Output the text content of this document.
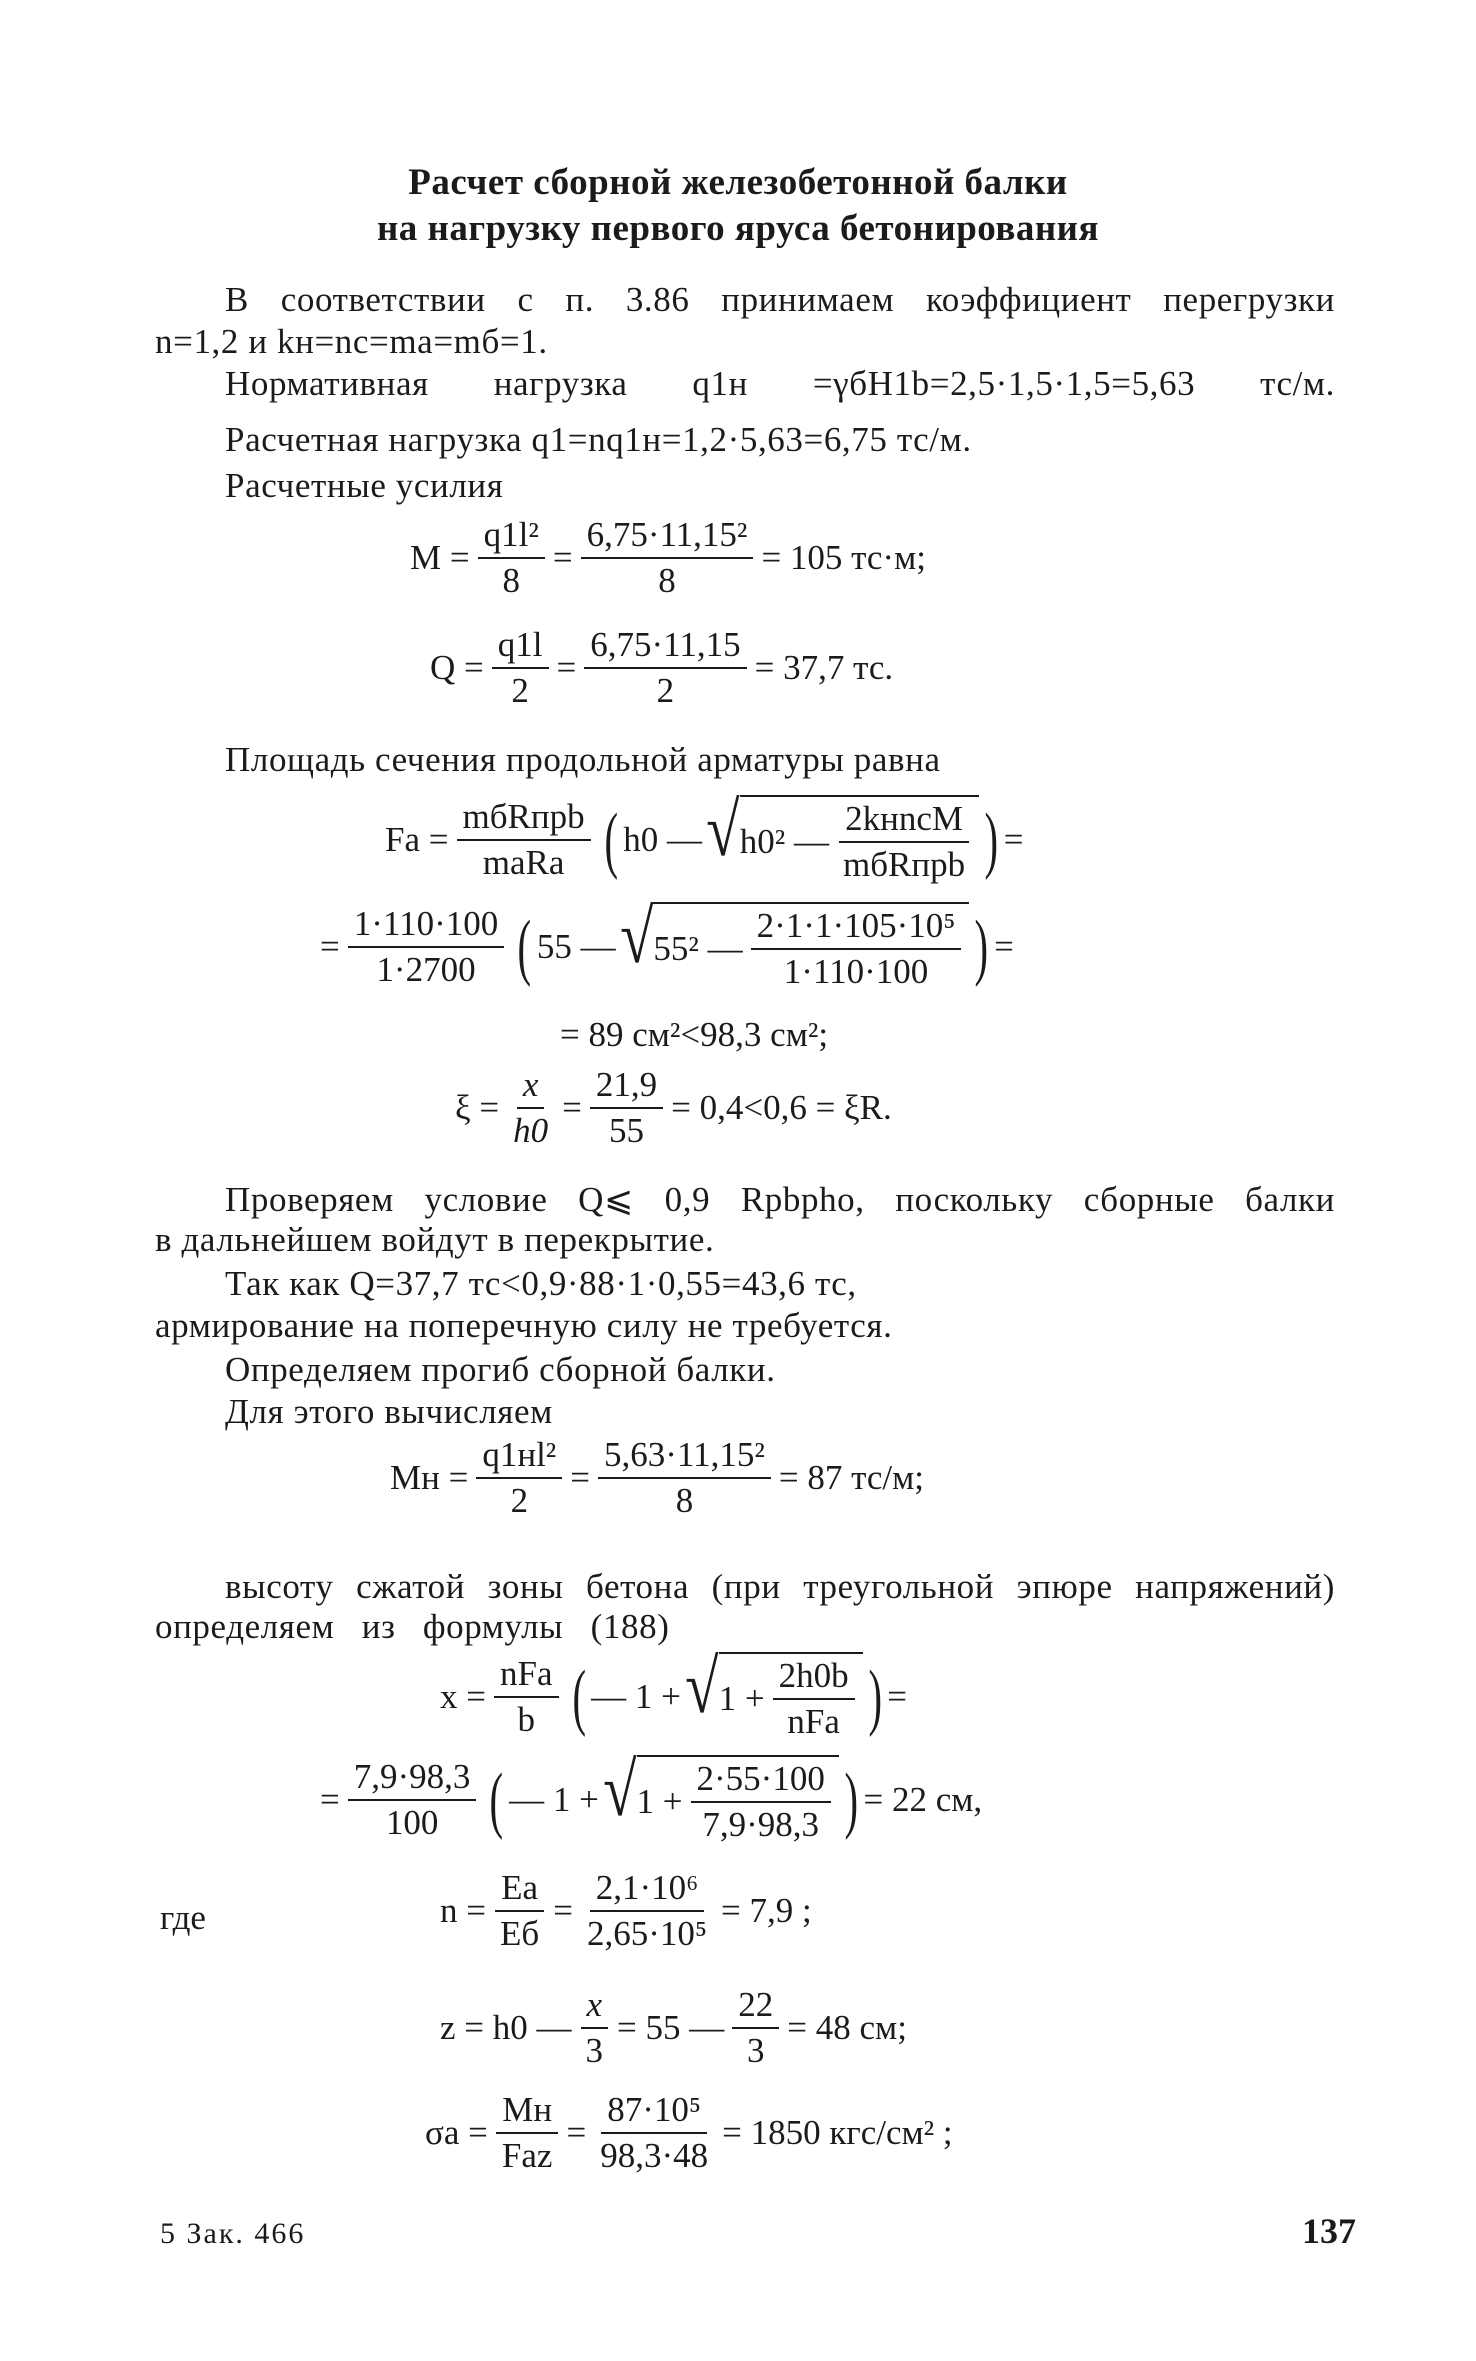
Расчет сборной железобетонной балки
на нагрузку первого яруса бетонирования
В соответствии с п. 3.86 принимаем коэффициент перегрузки
n=1,2 и kн=nc=mа=mб=1.
Нормативная нагрузка q1н =γбH1b=2,5·1,5·1,5=5,63 тс/м.
Расчетная нагрузка q1=nq1н=1,2·5,63=6,75 тс/м.
Расчетные усилия
$M = \frac{\text{q1l²}}{8} = \frac{\text{6,75·11,15²}}{8} = 105$ тс·м;
$Q = \frac{q1l}{2} = \frac{6,75\cdot 11,15}{2} = 37,7$ тс.
Площадь сечения продольной арматуры равна
Fа = $\frac{\text{mбRпрb}}{\text{mаRа}}$ ( h0 — √ h0² — $\frac{\text{2kнncM}}{\text{mбRпрb}}$ ) =
= $\frac{1\cdot 110\cdot 100}{1\cdot 2700}$ ( 55 — √ 55² — $\frac{\text{2·1·1·105·10⁵}}{1\cdot 110\cdot 100}$ ) =
= 89 см²<98,3 см²;
$\xi = \frac{x}{h0} = \frac{21,9}{55} = 0,4<0,6 = \xi R$.
Проверяем условие Q⩽ 0,9 Rpbphо, поскольку сборные балки
в дальнейшем войдут в перекрытие.
Так как Q=37,7 тс<0,9·88·1·0,55=43,6 тс,
армирование на поперечную силу не требуется.
Определяем прогиб сборной балки.
Для этого вычисляем
Mн = $\frac{\text{q1нl²}}{2} = \frac{\text{5,63·11,15²}}{8} = 87$ тс/м;
высоту сжатой зоны бетона (при треугольной эпюре напряжений)
определяем из формулы (188)
$x = \frac{\text{nFа}}{b}$ ( — 1 + √ $1 + \frac{2h0b}{\text{nFа}}$ ) =
= $\frac{7,9\cdot 98,3}{100}$ ( — 1 + √ $1 + \frac{2\cdot 55\cdot 100}{7,9\cdot 98,3}$ ) = 22 см,
где	$n = \frac{Eа}{Eб} = \frac{\text{2,1·10⁶}}{\text{2,65·10⁵}} = 7,9$ ;
z = h0 — $\frac{x}{3} = 55$ — $\frac{22}{3} = 48$ см;
$\sigma а = \frac{Mн}{\text{Fаz}} = \frac{\text{87·10⁵}}{98,3\cdot 48} = 1850$ кгс/см² ;
5 Зак. 466	137
